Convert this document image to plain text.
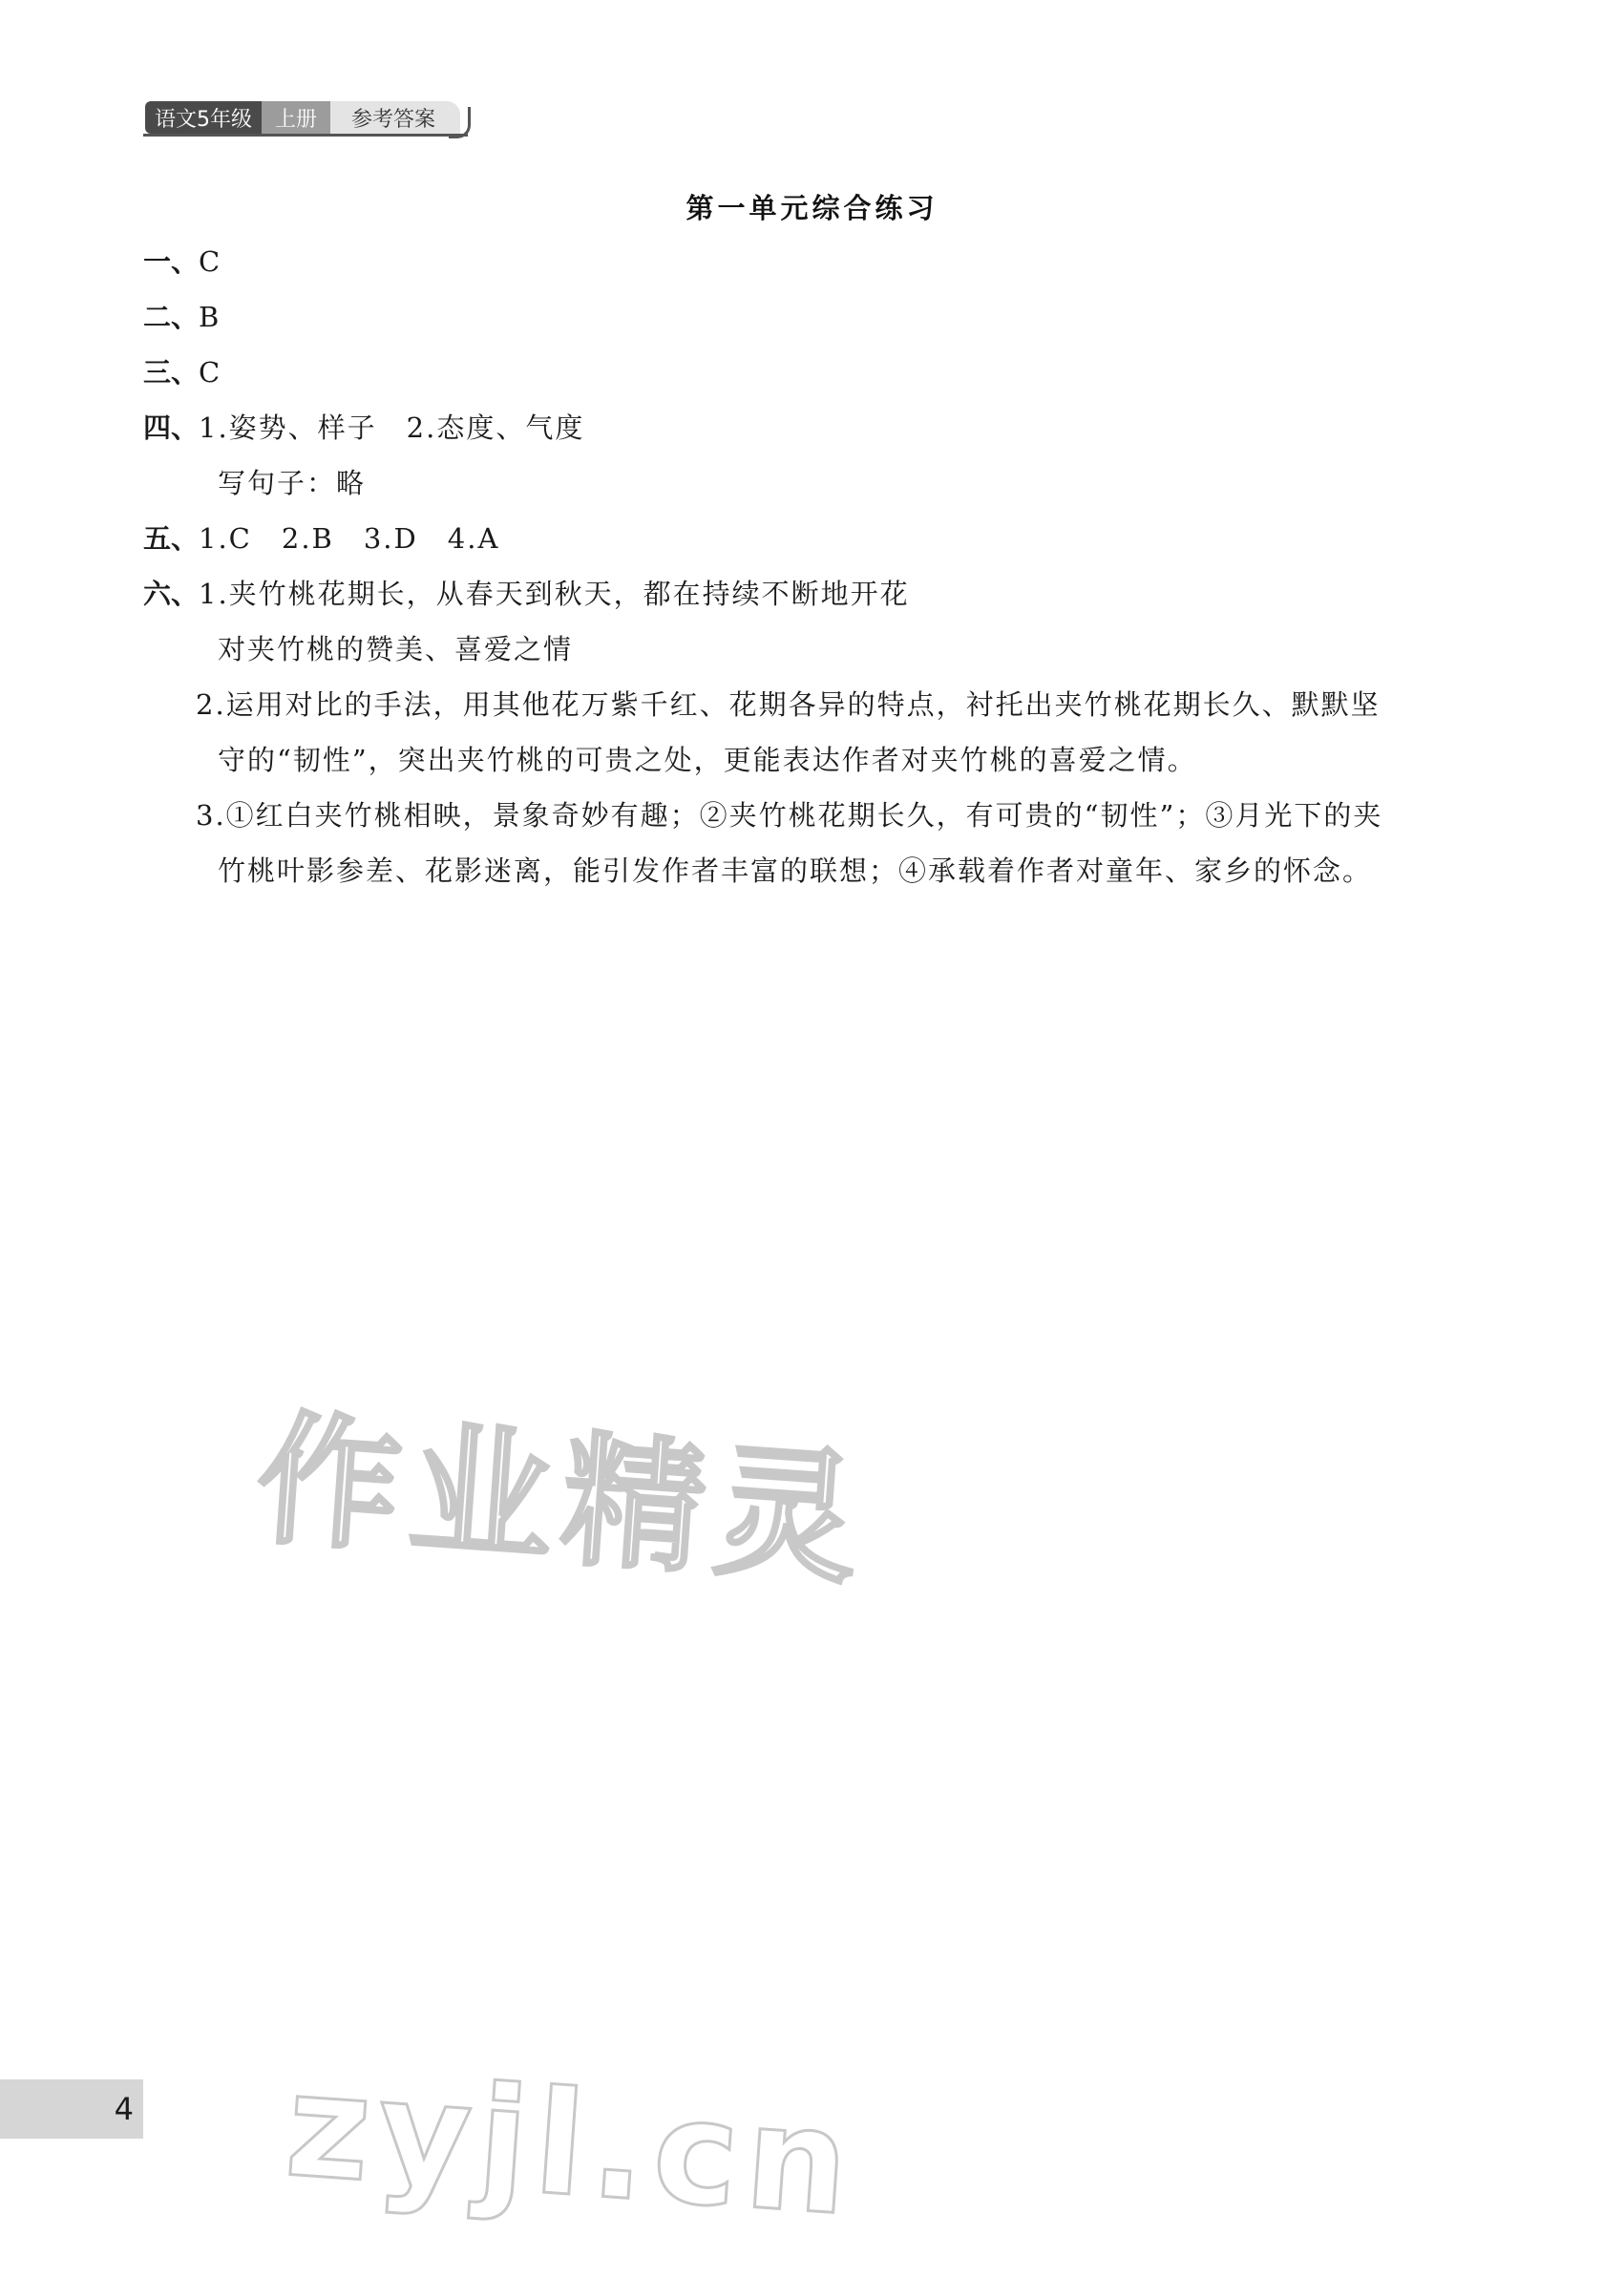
语文5年级	上册	参考答案
第一单元综合练习
一、C
二、B
三、C
四、1.姿势、样子　2.态度、气度
写句子：略
五、1.C　2.B　3.D　4.A
六、1.夹竹桃花期长，从春天到秋天，都在持续不断地开花
对夹竹桃的赞美、喜爱之情
2.运用对比的手法，用其他花万紫千红、花期各异的特点，衬托出夹竹桃花期长久、默默坚
守的“韧性”，突出夹竹桃的可贵之处，更能表达作者对夹竹桃的喜爱之情。
3.①红白夹竹桃相映，景象奇妙有趣；②夹竹桃花期长久，有可贵的“韧性”；③月光下的夹
竹桃叶影参差、花影迷离，能引发作者丰富的联想；④承载着作者对童年、家乡的怀念。
作业精灵
zyjl.cn
4
